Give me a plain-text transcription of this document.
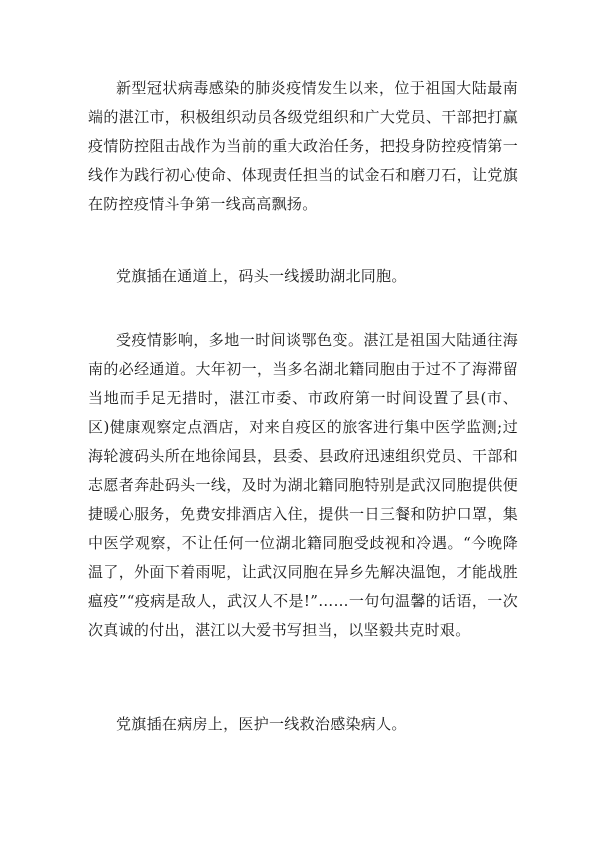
新型冠状病毒感染的肺炎疫情发生以来，位于祖国大陆最南端的湛江市，积极组织动员各级党组织和广大党员、干部把打赢疫情防控阻击战作为当前的重大政治任务，把投身防控疫情第一线作为践行初心使命、体现责任担当的试金石和磨刀石，让党旗在防控疫情斗争第一线高高飘扬。

党旗插在通道上，码头一线援助湖北同胞。

受疫情影响，多地一时间谈鄂色变。湛江是祖国大陆通往海南的必经通道。大年初一，当多名湖北籍同胞由于过不了海滞留当地而手足无措时，湛江市委、市政府第一时间设置了县(市、区)健康观察定点酒店，对来自疫区的旅客进行集中医学监测;过海轮渡码头所在地徐闻县，县委、县政府迅速组织党员、干部和志愿者奔赴码头一线，及时为湖北籍同胞特别是武汉同胞提供便捷暖心服务，免费安排酒店入住，提供一日三餐和防护口罩，集中医学观察，不让任何一位湖北籍同胞受歧视和冷遇。“今晚降温了，外面下着雨呢，让武汉同胞在异乡先解决温饱，才能战胜瘟疫”“疫病是敌人，武汉人不是!”……一句句温馨的话语，一次次真诚的付出，湛江以大爱书写担当，以坚毅共克时艰。

党旗插在病房上，医护一线救治感染病人。
